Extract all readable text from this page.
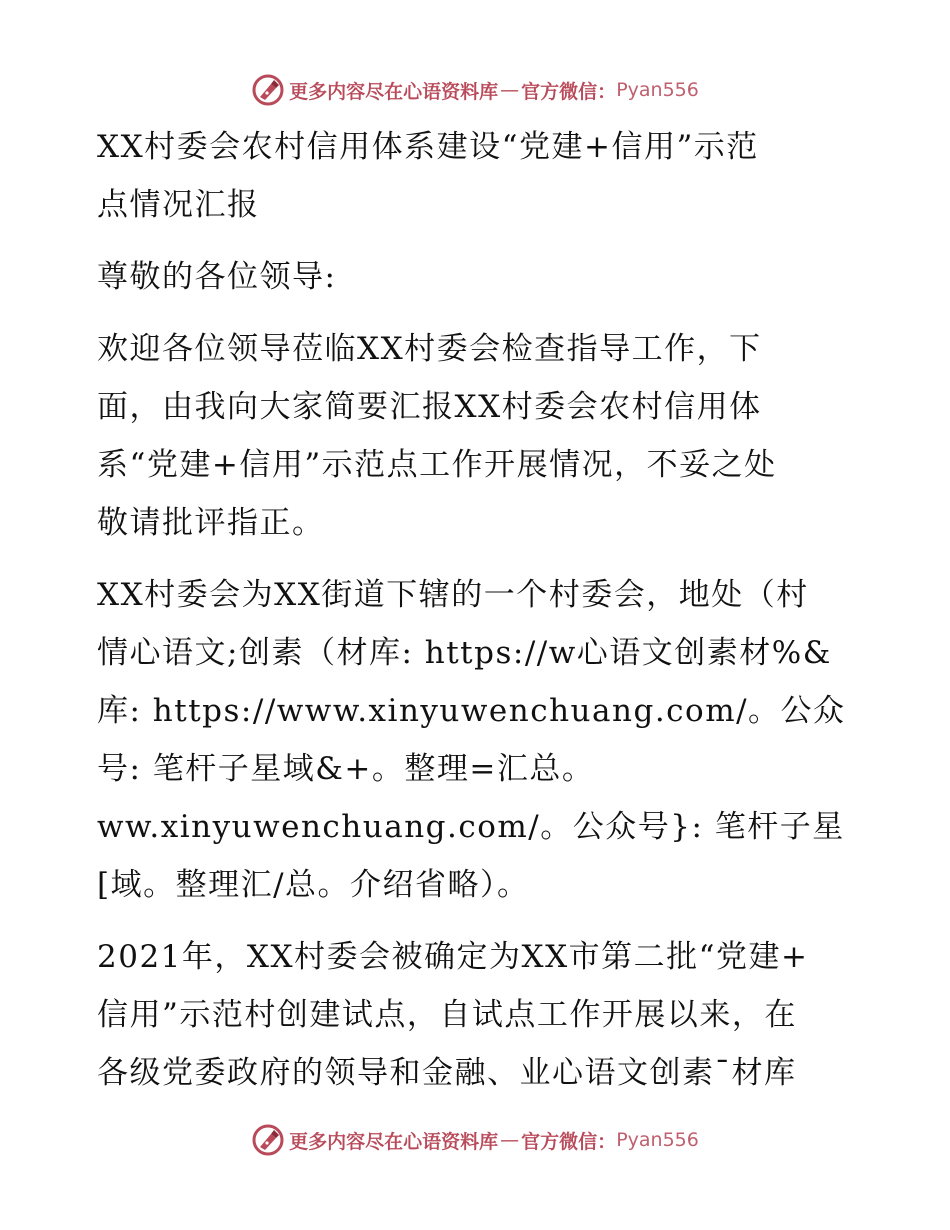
更多内容尽在心语资料库 — 官方微信： Pyan556
XX村委会农村信用体系建设“党建+信用”示范
点情况汇报
尊敬的各位领导:
欢迎各位领导莅临XX村委会检查指导工作，下
面，由我向大家简要汇报XX村委会农村信用体
系“党建+信用”示范点工作开展情况，不妥之处
敬请批评指正。
XX村委会为XX街道下辖的一个村委会，地处（村
情心语文;创素（材库: https://w心语文创素材%&
库: https://www.xinyuwenchuang.com/。公众
号: 笔杆子星域&+。整理=汇总。
ww.xinyuwenchuang.com/。公众号}: 笔杆子星
[域。整理汇/总。介绍省略）。
2021年，XX村委会被确定为XX市第二批“党建+
信用”示范村创建试点，自试点工作开展以来，在
各级党委政府的领导和金融、业心语文创素¯材库
更多内容尽在心语资料库 — 官方微信： Pyan556
